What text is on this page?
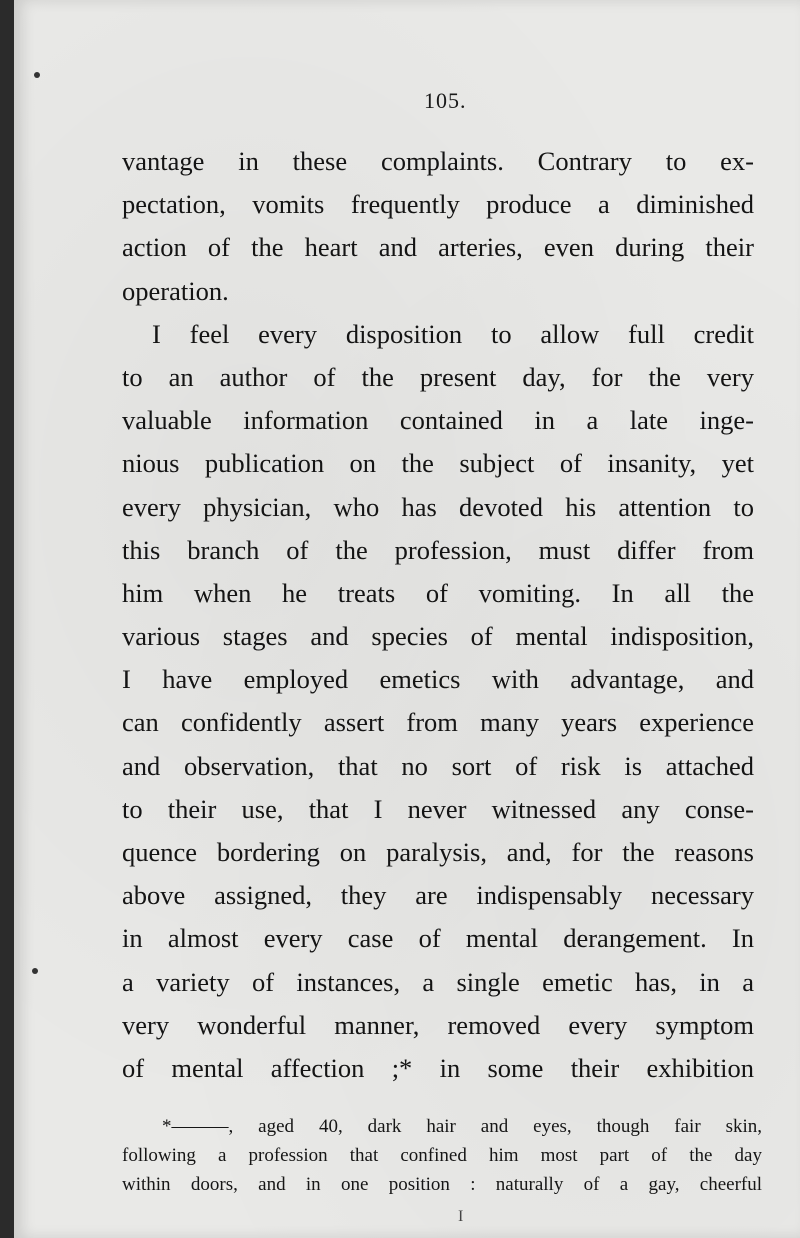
105.
vantage in these complaints. Contrary to ex-
pectation, vomits frequently produce a diminished
action of the heart and arteries, even during their
operation.
I feel every disposition to allow full credit
to an author of the present day, for the very
valuable information contained in a late inge-
nious publication on the subject of insanity, yet
every physician, who has devoted his attention to
this branch of the profession, must differ from
him when he treats of vomiting. In all the
various stages and species of mental indisposition,
I have employed emetics with advantage, and
can confidently assert from many years experience
and observation, that no sort of risk is attached
to their use, that I never witnessed any conse-
quence bordering on paralysis, and, for the reasons
above assigned, they are indispensably necessary
in almost every case of mental derangement. In
a variety of instances, a single emetic has, in a
very wonderful manner, removed every symptom
of mental affection ;* in some their exhibition
*———, aged 40, dark hair and eyes, though fair skin,
following a profession that confined him most part of the day
within doors, and in one position : naturally of a gay, cheerful
I
